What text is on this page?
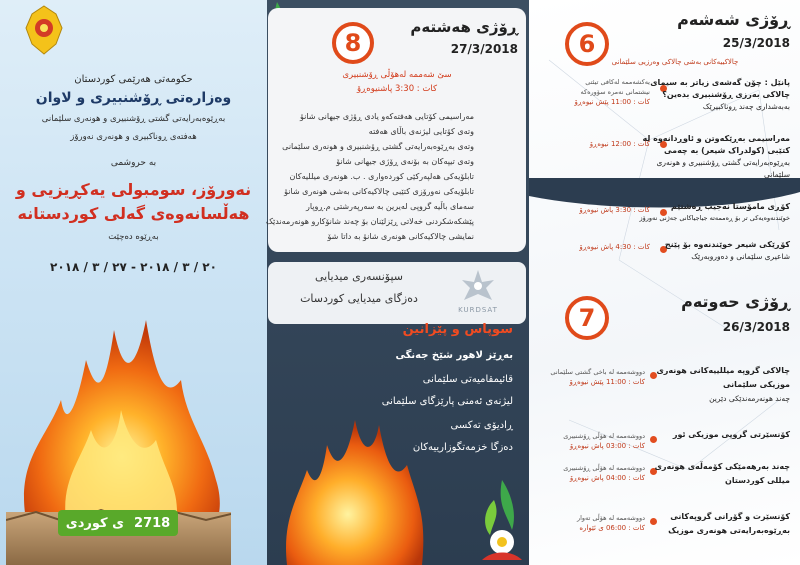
حکومەتی هەرێمی کوردستان
وەزارەتی ڕۆشنبیری و لاوان
بەڕێوەبەرایەتی گشتی ڕۆشنبیری و هونەری سلێمانی
هەفتەی ڕوناکبیری و هونەری نەورۆز
بە حروشمی
نەورۆز، سومبولی یەکڕیزیی و
هەڵسانەوەی گەلی کوردستانە
بەڕێوە دەچێت
٢٠ / ٣ / ٢٠١٨ - ٢٧ / ٣ / ٢٠١٨
2718
ی کوردی
8
ڕۆژی هەشتەم
27/3/2018
سێ شەممە لەهۆڵی ڕۆشنبیری
کات : 3:30 پاشنیوەڕۆ
مەراسیمی کۆتایی هەفتەکەو یادی ڕۆژی جیهانی شانۆ
وتەی کۆتایی لیژنەی باڵای هەفتە
وتەی بەڕێوەبەرایەتی گشتی ڕۆشنبیری و هونەری سلێمانی
وتەی تیپەکان بە بۆنەی ڕۆژی جیهانی شانۆ
تابلۆیەکی هەلپەرکێی کوردەواری . ب. هونەری میللیەکان
تابلۆیەکی نەورۆزی کتێبی چالاکیەکانی بەشی هونەری شانۆ
سەمای باڵیە گروپی لەیرین بە سەرپەرشتی م.ڕوپار
پێشکەشکردنی خەلاتی ڕێزلێنان بۆ چەند شانۆکارو هونەرمەندێک
نمایشی چالاکیەکانی هونەری شانۆ بە داتا شۆ
سپۆنسەری میدیایی
دەزگای میدیایی کوردسات
KURDSAT
سوپاس و پێزانین
بەڕێز لاهور شێخ جەنگی
قائیمقامیەتی سلێمانی
لیژنەی ئەمنی پارێزگای سلێمانی
ڕادیۆی تەکسی
دەزگا خزمەتگوزارییەکان
6
ڕۆژی شەشەم
25/3/2018
چالاکییەکانی بەشی چالاکی وەرزیی سلێمانی
پانێل : چۆن گەشەی زیاتر بە سیمای
چالاکی بەرزی ڕۆشنبیری بدەین؟
بەبەشداری چەند ڕوناکبیرێک
یەکشەممە لەکافی تیئتی
نیشتمانی نەمرە سۆورەکە
کات : 11:00 پێش نیوەڕۆ
مەراسیمی بەڕێکەوتن و ئاوڕدانەوە لە
کتێبی (کولدراک شیعر) بە چەمی
بەڕێوەبەرایەتی گشتی ڕۆشنبیری و هونەری
سلێمانی
کات : 12:00 نیوەڕۆ
کۆڕی مامۆستا نەجیب ڕەشتێم
خوێندنەوەیەکی تر بۆ ڕەممەتە جیاجیاکانی جەژنی نەورۆز
کات : 3:30 پاش نیوەڕۆ
کۆڕێکی شیعر خوێندنەوە بۆ پێنج
شاعیری سلێمانی و دەوروبەرێک
کات : 4:30 پاش نیوەڕۆ
7
ڕۆژی حەوتەم
26/3/2018
چالاکی گروپە میللییەکانی هونەری
موزیکی سلێمانی
چەند هونەرمەندێکی دێرین
دووشەممە لە باخی گشتی سلێمانی
کات : 11:00 پێش نیوەڕۆ
کۆنسێرتی گروپی موزیکی ئور
دووشەممە لە هۆڵی ڕۆشنبیری
کات : 03:00 پاش نیوەڕۆ
چەند بەرهەمێکی کۆمەڵەی هونەری
میللی کوردستان
دووشەممە لە هۆڵی ڕۆشنبیری
کات : 04:00 پاش نیوەڕۆ
کۆنسێرت و گۆرانی گروپەکانی
بەڕێوەبەرایەتی هونەری موزیک
دووشەممە لە هۆڵی تەوار
کات : 06:00 ی ئێوارە
